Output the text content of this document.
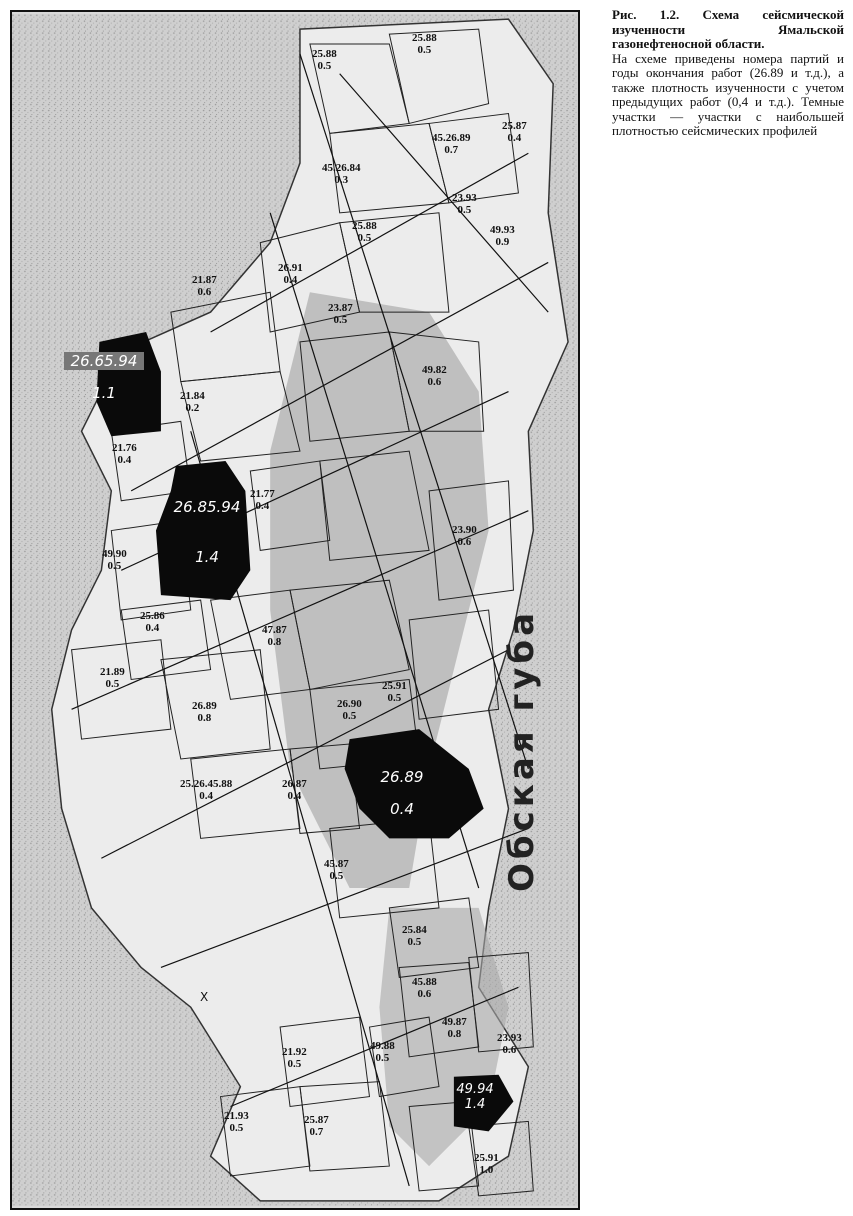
X
Обская губа
26.65.94
1.1
26.85.94
1.4
26.89
0.4
49.94
1.4
25.88
0.5
25.88
0.5
25.87
0.4
45.26.89
0.7
45.26.84
0.3
23.93
0.5
49.93
0.9
25.88
0.5
26.91
0.4
21.87
0.6
23.87
0.5
49.82
0.6
21.84
0.2
21.76
0.4
21.77
0.4
23.90
0.6
49.90
0.5
25.86
0.4
21.89
0.5
26.89
0.8
25.26.45.88
0.4
26.87
0.4
47.87
0.8
25.91
0.5
26.90
0.5
25.84
0.5
45.88
0.6
49.87
0.8
49.88
0.5
23.93
0.6
21.92
0.5
21.93
0.5
25.87
0.7
25.91
1.0
45.87
0.5
Рис. 1.2. Схема сейсмической изученности Ямальской газонефтеносной области.
На схеме приведены номера партий и годы окончания работ (26.89 и т.д.), а также плотность изученности с учетом предыдущих работ (0,4 и т.д.). Темные участки — участки с наибольшей плотностью сейсмических профилей
